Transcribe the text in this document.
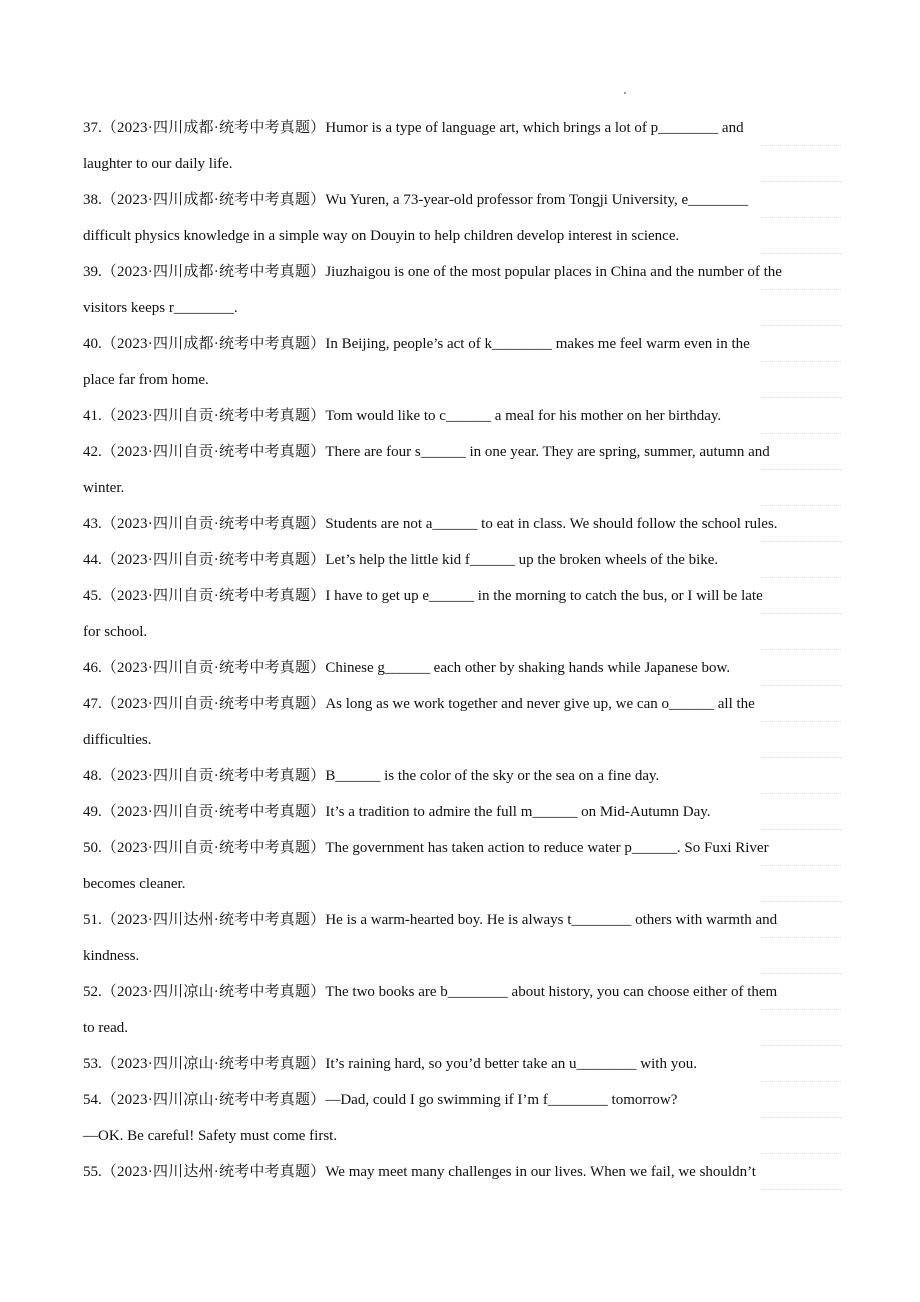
37.（2023·四川成都·统考中考真题）Humor is a type of language art, which brings a lot of p________ and
laughter to our daily life.
38.（2023·四川成都·统考中考真题）Wu Yuren, a 73-year-old professor from Tongji University, e________
difficult physics knowledge in a simple way on Douyin to help children develop interest in science.
39.（2023·四川成都·统考中考真题）Jiuzhaigou is one of the most popular places in China and the number of the
visitors keeps r________.
40.（2023·四川成都·统考中考真题）In Beijing, people’s act of k________ makes me feel warm even in the
place far from home.
41.（2023·四川自贡·统考中考真题）Tom would like to c______ a meal for his mother on her birthday.
42.（2023·四川自贡·统考中考真题）There are four s______ in one year. They are spring, summer, autumn and
winter.
43.（2023·四川自贡·统考中考真题）Students are not a______ to eat in class. We should follow the school rules.
44.（2023·四川自贡·统考中考真题）Let’s help the little kid f______ up the broken wheels of the bike.
45.（2023·四川自贡·统考中考真题）I have to get up e______ in the morning to catch the bus, or I will be late
for school.
46.（2023·四川自贡·统考中考真题）Chinese g______ each other by shaking hands while Japanese bow.
47.（2023·四川自贡·统考中考真题）As long as we work together and never give up, we can o______ all the
difficulties.
48.（2023·四川自贡·统考中考真题）B______ is the color of the sky or the sea on a fine day.
49.（2023·四川自贡·统考中考真题）It’s a tradition to admire the full m______ on Mid-Autumn Day.
50.（2023·四川自贡·统考中考真题）The government has taken action to reduce water p______. So Fuxi River
becomes cleaner.
51.（2023·四川达州·统考中考真题）He is a warm-hearted boy. He is always t________ others with warmth and
kindness.
52.（2023·四川凉山·统考中考真题）The two books are b________ about history, you can choose either of them
to read.
53.（2023·四川凉山·统考中考真题）It’s raining hard, so you’d better take an u________ with you.
54.（2023·四川凉山·统考中考真题）—Dad, could I go swimming if I’m f________ tomorrow?
—OK. Be careful! Safety must come first.
55.（2023·四川达州·统考中考真题）We may meet many challenges in our lives. When we fail, we shouldn’t
